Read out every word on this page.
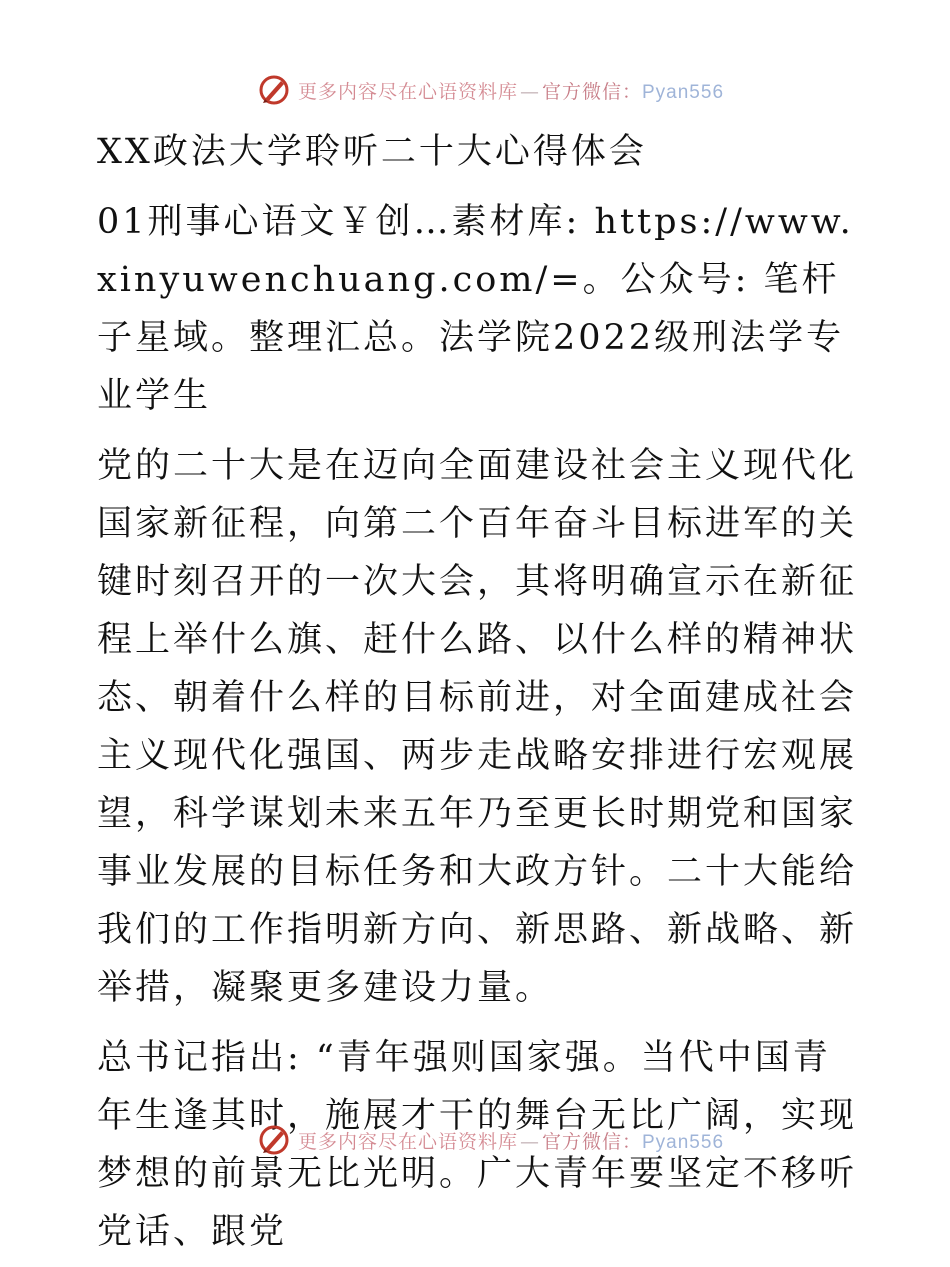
更多内容尽在心语资料库 — 官方微信：Pyan556

XX政法大学聆听二十大心得体会

01刑事心语文￥创…素材库: https://www.xinyuwenchuang.com/=。公众号: 笔杆子星域。整理汇总。法学院2022级刑法学专业学生

党的二十大是在迈向全面建设社会主义现代化国家新征程，向第二个百年奋斗目标进军的关键时刻召开的一次大会，其将明确宣示在新征程上举什么旗、赶什么路、以什么样的精神状态、朝着什么样的目标前进，对全面建成社会主义现代化强国、两步走战略安排进行宏观展望，科学谋划未来五年乃至更长时期党和国家事业发展的目标任务和大政方针。二十大能给我们的工作指明新方向、新思路、新战略、新举措，凝聚更多建设力量。

总书记指出: “青年强则国家强。当代中国青年生逢其时，施展才干的舞台无比广阔，实现梦想的前景无比光明。广大青年要坚定不移听党话、跟党

更多内容尽在心语资料库 — 官方微信：Pyan556
